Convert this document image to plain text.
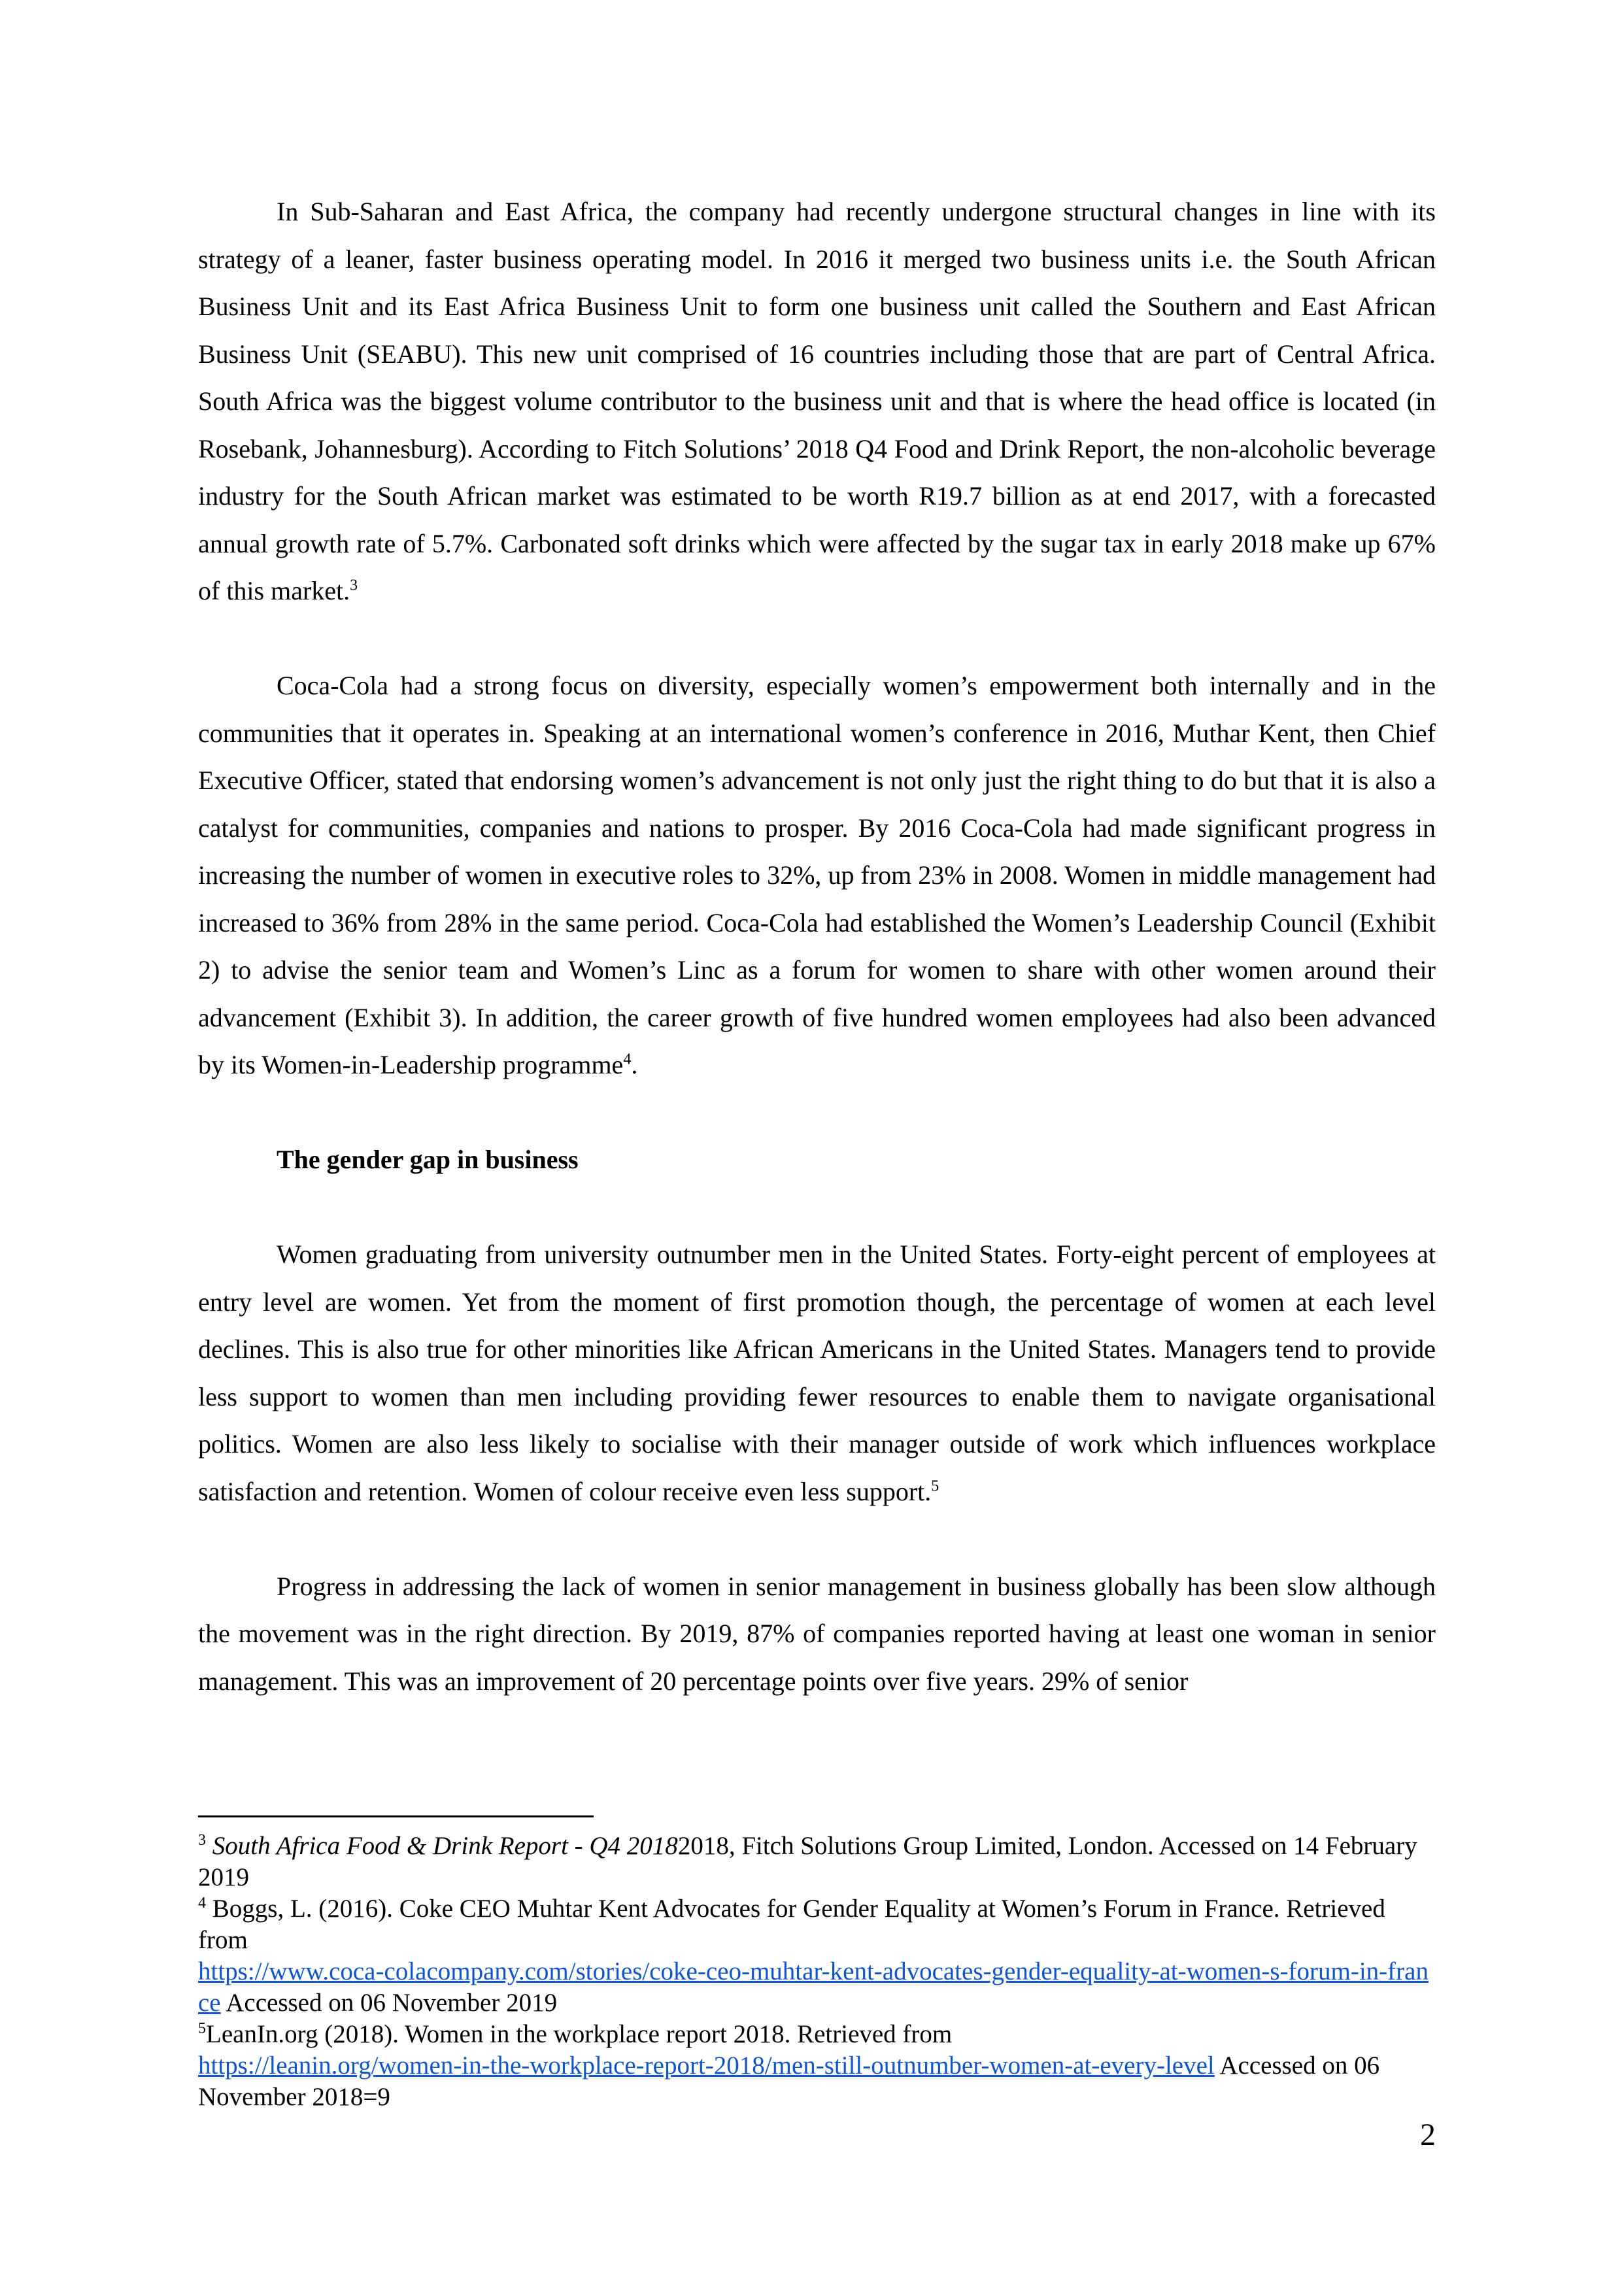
In Sub-Saharan and East Africa, the company had recently undergone structural changes in line with its strategy of a leaner, faster business operating model. In 2016 it merged two business units i.e. the South African Business Unit and its East Africa Business Unit to form one business unit called the Southern and East African Business Unit (SEABU). This new unit comprised of 16 countries including those that are part of Central Africa. South Africa was the biggest volume contributor to the business unit and that is where the head office is located (in Rosebank, Johannesburg). According to Fitch Solutions’ 2018 Q4 Food and Drink Report, the non-alcoholic beverage industry for the South African market was estimated to be worth R19.7 billion as at end 2017, with a forecasted annual growth rate of 5.7%. Carbonated soft drinks which were affected by the sugar tax in early 2018 make up 67% of this market.$^3$

Coca-Cola had a strong focus on diversity, especially women’s empowerment both internally and in the communities that it operates in. Speaking at an international women’s conference in 2016, Muthar Kent, then Chief Executive Officer, stated that endorsing women’s advancement is not only just the right thing to do but that it is also a catalyst for communities, companies and nations to prosper. By 2016 Coca-Cola had made significant progress in increasing the number of women in executive roles to 32%, up from 23% in 2008. Women in middle management had increased to 36% from 28% in the same period. Coca-Cola had established the Women’s Leadership Council (Exhibit 2) to advise the senior team and Women’s Linc as a forum for women to share with other women around their advancement (Exhibit 3). In addition, the career growth of five hundred women employees had also been advanced by its Women-in-Leadership programme$^4$.

The gender gap in business

Women graduating from university outnumber men in the United States. Forty-eight percent of employees at entry level are women. Yet from the moment of first promotion though, the percentage of women at each level declines. This is also true for other minorities like African Americans in the United States. Managers tend to provide less support to women than men including providing fewer resources to enable them to navigate organisational politics. Women are also less likely to socialise with their manager outside of work which influences workplace satisfaction and retention. Women of colour receive even less support.$^5$

Progress in addressing the lack of women in senior management in business globally has been slow although the movement was in the right direction. By 2019, 87% of companies reported having at least one woman in senior management. This was an improvement of 20 percentage points over five years. 29% of senior

$^3$ South Africa Food & Drink Report - Q4 20182018, Fitch Solutions Group Limited, London. Accessed on 14 February 2019

$^4$ Boggs, L. (2016). Coke CEO Muhtar Kent Advocates for Gender Equality at Women’s Forum in France. Retrieved from
https://www.coca-colacompany.com/stories/coke-ceo-muhtar-kent-advocates-gender-equality-at-women-s-forum-in-france Accessed on 06 November 2019

$^5$LeanIn.org (2018). Women in the workplace report 2018. Retrieved from
https://leanin.org/women-in-the-workplace-report-2018/men-still-outnumber-women-at-every-level Accessed on 06 November 2018=9

2
